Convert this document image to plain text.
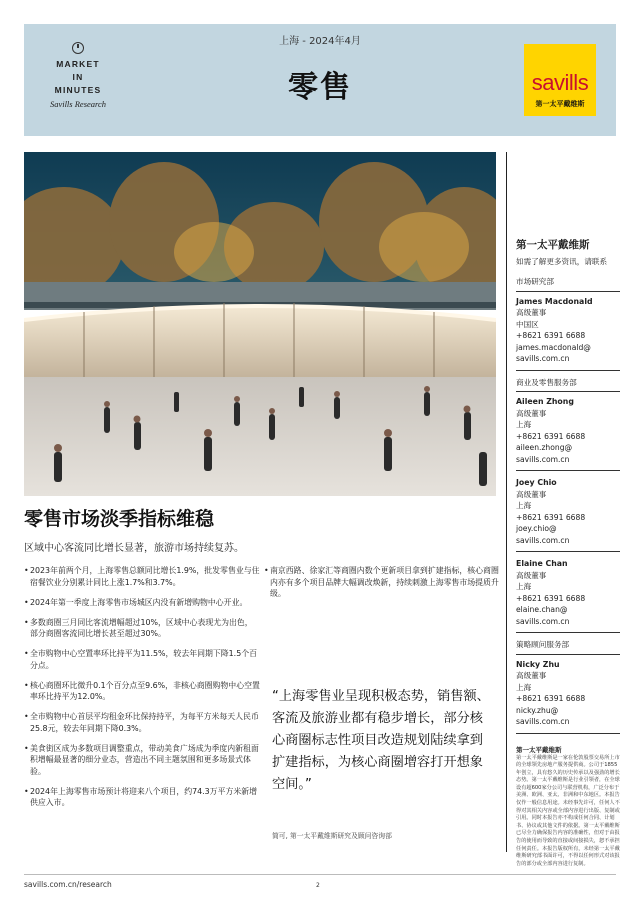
MARKET
IN
MINUTES
Savills Research
上海 - 2024年4月
零售	savills
第一太平戴维斯
第一太平戴维斯
如需了解更多资讯，请联系
市场研究部
James Macdonald
高级董事
中国区
+8621 6391 6688
james.macdonald@
savills.com.cn
商业及零售服务部
Aileen Zhong
高级董事
上海
+8621 6391 6688
aileen.zhong@
savills.com.cn
Joey Chio
高级董事
上海
+8621 6391 6688
joey.chio@
savills.com.cn
Elaine Chan
高级董事
上海
+8621 6391 6688
elaine.chan@
savills.com.cn
策略顾问服务部
Nicky Zhu
高级董事
上海
+8621 6391 6688
nicky.zhu@
savills.com.cn
第一太平戴维斯
第一太平戴维斯是一家在伦敦股票交易所上市的全球领先房地产服务提供商。公司于1855年创立，具有悠久的历史传承以及强劲的增长态势。第一太平戴维斯是行业引领者，在全球设有超600家分公司与联营机构，广泛分布于美洲、欧洲、亚太、非洲和中东地区。本报告仅作一般信息用途。未经事先许可，任何人不得对其相关内容或全部内容进行出版、复制或引用。同时本报告亦不构成任何合同、计划书、协议或其他文件的依据。第一太平戴维斯已尽全力确保报告内容的准确性，但对于由报告的使用而导致的直接或间接损失，恕不承担任何责任。本报告版权所有，未经第一太平戴维斯研究部书面许可，不得以任何形式对该报告的部分或全部内容进行复制。
零售市场淡季指标维稳
区域中心客流同比增长显著，旅游市场持续复苏。
• 2023年前两个月，上海零售总额同比增长1.9%，批发零售业与住宿餐饮业分别累计同比上涨1.7%和3.7%。
• 2024年第一季度上海零售市场城区内没有新增购物中心开业。
• 多数商圈三月同比客流增幅超过10%，区域中心表现尤为出色，部分商圈客流同比增长甚至超过30%。
• 全市购物中心空置率环比持平为11.5%，较去年同期下降1.5个百分点。
• 核心商圈环比微升0.1个百分点至9.6%，非核心商圈购物中心空置率环比持平为12.0%。
• 全市购物中心首层平均租金环比保持持平，为每平方米每天人民币25.8元，较去年同期下降0.3%。
• 美食街区成为多数项目调整重点，带动美食广场成为季度内新租面积增幅最显著的细分业态，营造出不同主题氛围和更多场景式体验。
• 2024年上海零售市场预计将迎来八个项目，约74.3万平方米新增供应入市。
• 南京西路、徐家汇等商圈内数个更新项目拿到扩建指标，核心商圈内亦有多个项目品牌大幅调改焕新，持续刺激上海零售市场提质升级。
“上海零售业呈现积极态势，销售额、客流及旅游业都有稳步增长，部分核心商圈标志性项目改造规划陆续拿到扩建指标，为核心商圈增容打开想象空间。”
简可, 第一太平戴维斯研究及顾问咨询部
savills.com.cn/research	2
